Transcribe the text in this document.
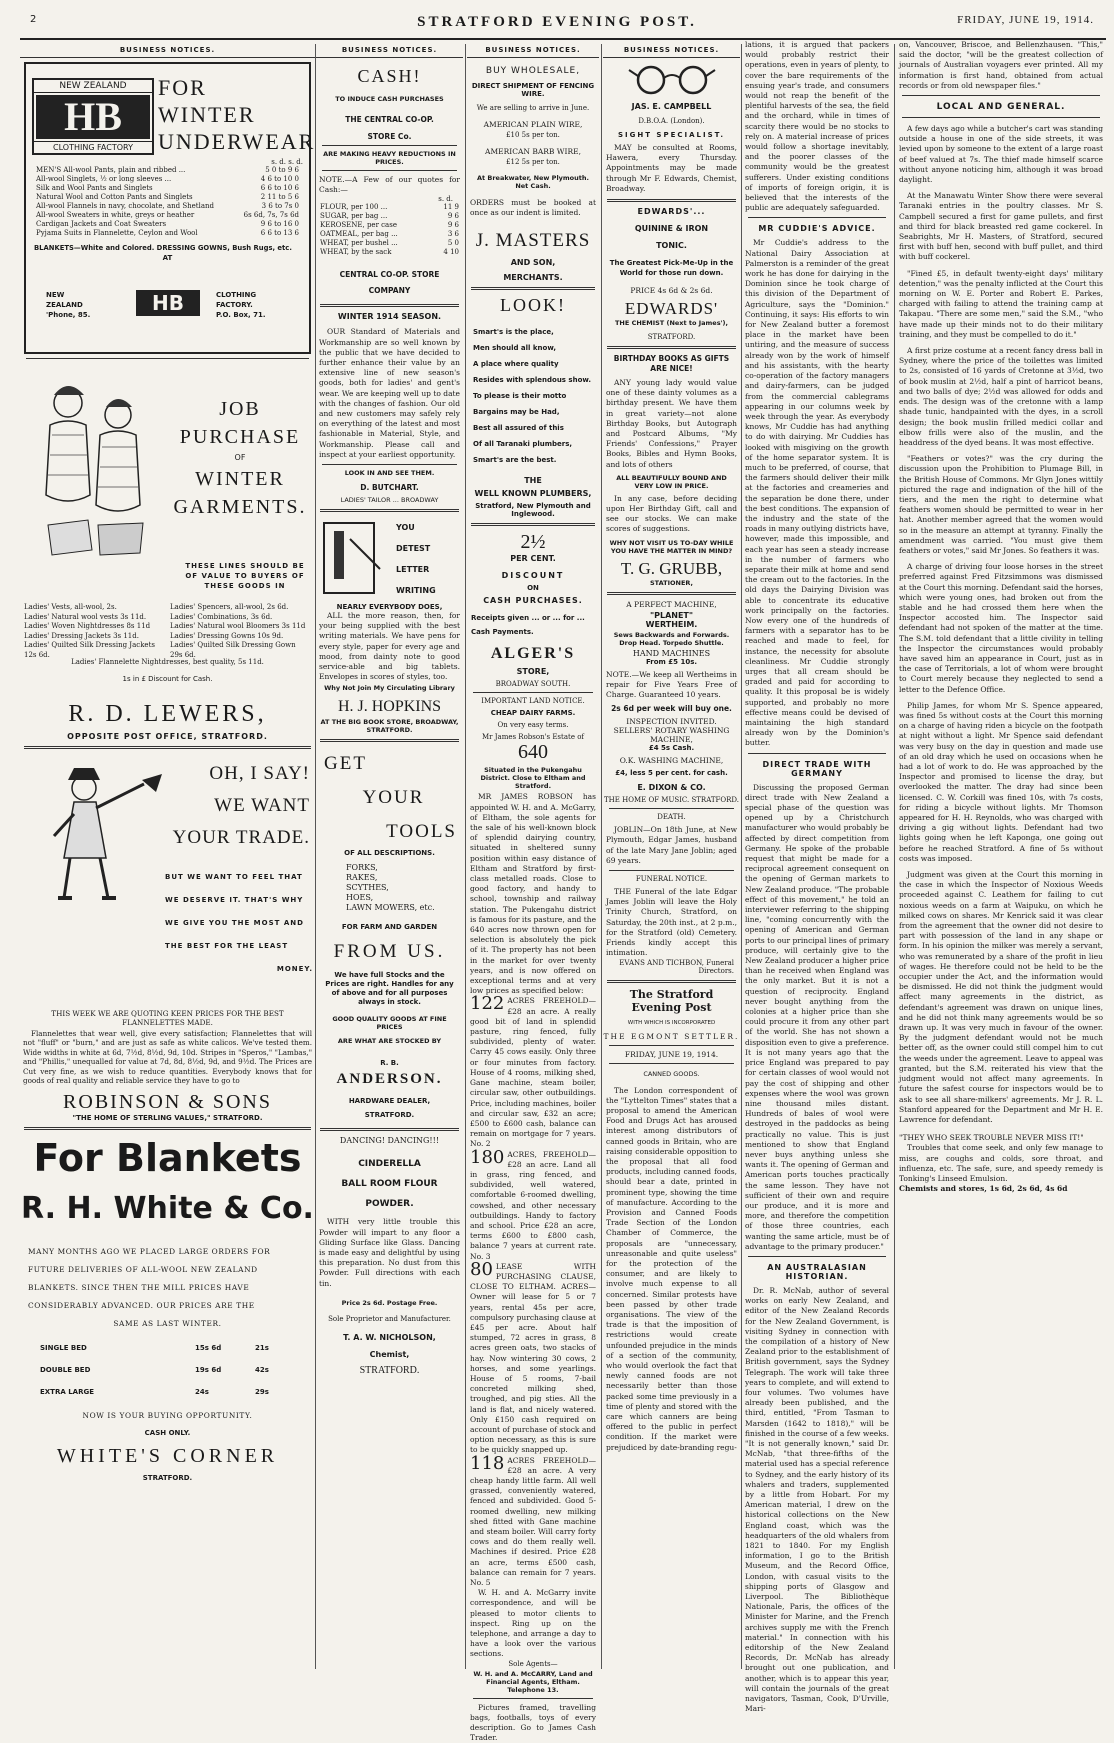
2	STRATFORD EVENING POST.	FRIDAY, JUNE 19, 1914.
BUSINESS NOTICES.
NEW ZEALAND
HB
CLOTHING FACTORY
FOR
WINTER
UNDERWEAR
s. d. s. d.
MEN'S All-wool Pants, plain and ribbed ...	5 0 to 9 6
All-wool Singlets, ½ or long sleeves ...	4 6 to 10 0
Silk and Wool Pants and Singlets	6 6 to 10 6
Natural Wool and Cotton Pants and Singlets	2 11 to 5 6
All-wool Flannels in navy, chocolate, and Shetland	3 6 to 7s 0
All-wool Sweaters in white, greys or heather	6s 6d, 7s, 7s 6d
Cardigan Jackets and Coat Sweaters	9 6 to 16 0
Pyjama Suits in Flannelette, Ceylon and Wool	6 6 to 13 6
BLANKETS—White and Colored. DRESSING GOWNS, Bush Rugs, etc.
AT
NEW
ZEALAND
'Phone, 85.	HB	CLOTHING
FACTORY.
P.O. Box, 71.
JOB
PURCHASE
OF
WINTER
GARMENTS.
THESE LINES SHOULD BE OF VALUE TO BUYERS OF THESE GOODS IN
Ladies' Vests, all-wool, 2s.
Ladies' Natural wool vests 3s 11d.
Ladies' Woven Nightdresses 8s 11d
Ladies' Dressing Jackets 3s 11d.
Ladies' Quilted Silk Dressing Jackets 12s 6d.
Ladies' Spencers, all-wool, 2s 6d.
Ladies' Combinations, 3s 6d.
Ladies' Natural wool Bloomers 3s 11d
Ladies' Dressing Gowns 10s 9d.
Ladies' Quilted Silk Dressing Gown 29s 6d.
Ladies' Flannelette Nightdresses, best quality, 5s 11d.
1s in £ Discount for Cash.
R. D. LEWERS,
OPPOSITE POST OFFICE, STRATFORD.
OH, I SAY!
WE WANT
YOUR TRADE.
BUT WE WANT TO FEEL THAT
WE DESERVE IT. THAT'S WHY
WE GIVE YOU THE MOST AND
THE BEST FOR THE LEAST
MONEY.
THIS WEEK WE ARE QUOTING KEEN PRICES FOR THE BEST FLANNELETTES MADE.
Flannelettes that wear well, give every satisfaction; Flannelettes that will not "fluff" or "burn," and are just as safe as white calicos. We've tested them. Wide widths in white at 6d, 7½d, 8½d, 9d, 10d. Stripes in "Speros," "Lambas," and "Phillis," unequalled for value at 7d, 8d, 8½d, 9d, and 9½d. The Prices are Cut very fine, as we wish to reduce quantities. Everybody knows that for goods of real quality and reliable service they have to go to
ROBINSON & SONS
"THE HOME OF STERLING VALUES," STRATFORD.
For Blankets
R. H. White & Co.
MANY MONTHS AGO WE PLACED LARGE ORDERS FOR
FUTURE DELIVERIES OF ALL-WOOL NEW ZEALAND
BLANKETS. SINCE THEN THE MILL PRICES HAVE
CONSIDERABLY ADVANCED. OUR PRICES ARE THE
SAME AS LAST WINTER.
SINGLE BED	15s 6d	21s
DOUBLE BED	19s 6d	42s
EXTRA LARGE	24s	29s
NOW IS YOUR BUYING OPPORTUNITY.
CASH ONLY.
WHITE'S CORNER
STRATFORD.
BUSINESS NOTICES.
CASH!
TO INDUCE CASH PURCHASES
THE CENTRAL CO-OP.
STORE Co.
ARE MAKING HEAVY REDUCTIONS IN PRICES.
NOTE.—A Few of our quotes for Cash:—
s. d.
FLOUR, per 100 ...	11 9
SUGAR, per bag ...	9 6
KEROSENE, per case	9 6
OATMEAL, per bag ...	3 6
WHEAT, per bushel ...	5 0
WHEAT, by the sack	4 10
CENTRAL CO-OP. STORE COMPANY
WINTER 1914 SEASON.
OUR Standard of Materials and Workmanship are so well known by the public that we have decided to further enhance their value by an extensive line of new season's goods, both for ladies' and gent's wear. We are keeping well up to date with the changes of fashion. Our old and new customers may safely rely on everything of the latest and most fashionable in Material, Style, and Workmanship. Please call and inspect at your earliest opportunity.
LOOK IN AND SEE THEM.
D. BUTCHART.
LADIES' TAILOR ... BROADWAY
YOU
DETEST
LETTER
WRITING
NEARLY EVERYBODY DOES,
ALL the more reason, then, for your being supplied with the best writing materials. We have pens for every style, paper for every age and mood, from dainty note to good service-able and big tablets. Envelopes in scores of styles, too.
Why Not Join My Circulating Library
H. J. HOPKINS
AT THE BIG BOOK STORE, BROADWAY, STRATFORD.
GET
YOUR
TOOLS
OF ALL DESCRIPTIONS.
FORKS,
RAKES,
SCYTHES,
HOES,
LAWN MOWERS, etc.
FOR FARM AND GARDEN
FROM US.
We have full Stocks and the Prices are right. Handles for any of above and for all purposes always in stock.
GOOD QUALITY GOODS AT FINE PRICES
ARE WHAT ARE STOCKED BY
R. B.
ANDERSON.
HARDWARE DEALER, STRATFORD.
DANCING! DANCING!!!
CINDERELLA
BALL ROOM FLOUR
POWDER.
WITH very little trouble this Powder will impart to any floor a Gliding Surface like Glass. Dancing is made easy and delightful by using this preparation. No dust from this Powder. Full directions with each tin.
Price 2s 6d. Postage Free.
Sole Proprietor and Manufacturer.
T. A. W. NICHOLSON,
Chemist,
STRATFORD.
BUSINESS NOTICES.
BUY WHOLESALE,
DIRECT SHIPMENT OF FENCING WIRE.
We are selling to arrive in June.
AMERICAN PLAIN WIRE,
£10 5s per ton.
AMERICAN BARB WIRE,
£12 5s per ton.
At Breakwater, New Plymouth. Net Cash.
ORDERS must be booked at once as our indent is limited.
J. MASTERS
AND SON,
MERCHANTS.
LOOK!
Smart's is the place,
Men should all know,
A place where quality
Resides with splendous show.
To please is their motto
Bargains may be Had,
Best all assured of this
Of all Taranaki plumbers,
Smart's are the best.
THE
WELL KNOWN PLUMBERS,
Stratford, New Plymouth and Inglewood.
2½
PER CENT.
DISCOUNT
ON
CASH PURCHASES.
Receipts given ... or ... for ... Cash Payments.
ALGER'S
STORE,
BROADWAY SOUTH.
IMPORTANT LAND NOTICE.
CHEAP DAIRY FARMS.
On very easy terms.
Mr James Robson's Estate of
640
Situated in the Pukengahu District. Close to Eltham and Stratford.
MR JAMES ROBSON has appointed W. H. and A. McGarry, of Eltham, the sole agents for the sale of his well-known block of splendid dairying country, situated in sheltered sunny position within easy distance of Eltham and Stratford by first-class metalled roads. Close to good factory, and handy to school, township and railway station. The Pukengahu district is famous for its pasture, and the 640 acres now thrown open for selection is absolutely the pick of it. The property has not been in the market for over twenty years, and is now offered on exceptional terms and at very low prices as specified below:
122 ACRES FREEHOLD—£28 an acre. A really good bit of land in splendid pasture, ring fenced, fully subdivided, plenty of water. Carry 45 cows easily. Only three or four minutes from factory. House of 4 rooms, milking shed, Gane machine, steam boiler, circular saw, other outbuildings. Price, including machines, boiler and circular saw, £32 an acre; £500 to £600 cash, balance can remain on mortgage for 7 years. No. 2
180 ACRES, FREEHOLD—£28 an acre. Land all in grass, ring fenced, and subdivided, well watered, comfortable 6-roomed dwelling, cowshed, and other necessary outbuildings. Handy to factory and school. Price £28 an acre, terms £600 to £800 cash, balance 7 years at current rate. No. 3
80 LEASE WITH PURCHASING CLAUSE, CLOSE TO ELTHAM. ACRES—Owner will lease for 5 or 7 years, rental 45s per acre, compulsory purchasing clause at £45 per acre. About half stumped, 72 acres in grass, 8 acres green oats, two stacks of hay. Now wintering 30 cows, 2 horses, and some yearlings. House of 5 rooms, 7-bail concreted milking shed, troughed, and pig sties. All the land is flat, and nicely watered. Only £150 cash required on account of purchase of stock and option necessary, as this is sure to be quickly snapped up.
118 ACRES FREEHOLD—£28 an acre. A very cheap handy little farm. All well grassed, conveniently watered, fenced and subdivided. Good 5-roomed dwelling, new milking shed fitted with Gane machine and steam boiler. Will carry forty cows and do them really well. Machines if desired. Price £28 an acre, terms £500 cash, balance can remain for 7 years. No. 5
W. H. and A. McGarry invite correspondence, and will be pleased to motor clients to inspect. Ring up on the telephone, and arrange a day to have a look over the various sections.
Sole Agents—
W. H. and A. McCARRY, Land and Financial Agents, Eltham. Telephone 13.
Pictures framed, travelling bags, footballs, toys of every description. Go to James Cash Trader.
BUSINESS NOTICES.
JAS. E. CAMPBELL
D.B.O.A. (London).
SIGHT SPECIALIST.
MAY be consulted at Rooms, Hawera, every Thursday. Appointments may be made through Mr F. Edwards, Chemist, Broadway.
EDWARDS'...
QUININE & IRON
TONIC.
The Greatest Pick-Me-Up in the World for those run down.
PRICE 4s 6d & 2s 6d.
EDWARDS'
THE CHEMIST (Next to James'),
STRATFORD.
BIRTHDAY BOOKS AS GIFTS ARE NICE!
ANY young lady would value one of these dainty volumes as a birthday present. We have them in great variety—not alone Birthday Books, but Autograph and Postcard Albums, "My Friends' Confessions," Prayer Books, Bibles and Hymn Books, and lots of others
ALL BEAUTIFULLY BOUND AND VERY LOW IN PRICE.
In any case, before deciding upon Her Birthday Gift, call and see our stocks. We can make scores of suggestions.
WHY NOT VISIT US TO-DAY WHILE YOU HAVE THE MATTER IN MIND?
T. G. GRUBB,
STATIONER,
A PERFECT MACHINE,
"PLANET"
WERTHEIM.
Sews Backwards and Forwards. Drop Head. Torpedo Shuttle.
HAND MACHINES
From £5 10s.
NOTE.—We keep all Wertheims in repair for Five Years Free of Charge. Guaranteed 10 years.
2s 6d per week will buy one.
INSPECTION INVITED.
SELLERS' ROTARY WASHING MACHINE,
£4 5s Cash.
O.K. WASHING MACHINE,
£4, less 5 per cent. for cash.
E. DIXON & CO.
THE HOME OF MUSIC. STRATFORD.
DEATH.
JOBLIN—On 18th June, at New Plymouth, Edgar James, husband of the late Mary Jane Joblin; aged 69 years.
FUNERAL NOTICE.
THE Funeral of the late Edgar James Joblin will leave the Holy Trinity Church, Stratford, on Saturday, the 20th inst., at 2 p.m., for the Stratford (old) Cemetery. Friends kindly accept this intimation.
EVANS AND TICHBON, Funeral Directors.
The Stratford Evening Post
WITH WHICH IS INCORPORATED
THE EGMONT SETTLER.
FRIDAY, JUNE 19, 1914.
CANNED GOODS.
The London correspondent of the "Lyttelton Times" states that a proposal to amend the American Food and Drugs Act has aroused interest among distributors of canned goods in Britain, who are raising considerable opposition to the proposal that all food products, including canned foods, should bear a date, printed in prominent type, showing the time of manufacture. According to the Provision and Canned Foods Trade Section of the London Chamber of Commerce, the proposals are "unnecessary, unreasonable and quite useless" for the protection of the consumer, and are likely to involve much expense to all concerned. Similar protests have been passed by other trade organisations. The view of the trade is that the imposition of restrictions would create unfounded prejudice in the minds of a section of the community, who would overlook the fact that newly canned foods are not necessarily better than those packed some time previously in a time of plenty and stored with the care which canners are being offered to the public in perfect condition. If the market were prejudiced by date-branding regu-
lations, it is argued that packers would probably restrict their operations, even in years of plenty, to cover the bare requirements of the ensuing year's trade, and consumers would not reap the benefit of the plentiful harvests of the sea, the field and the orchard, while in times of scarcity there would be no stocks to rely on. A material increase of prices would follow a shortage inevitably, and the poorer classes of the community would be the greatest sufferers. Under existing conditions of imports of foreign origin, it is believed that the interests of the public are adequately safeguarded.
MR CUDDIE'S ADVICE.
Mr Cuddie's address to the National Dairy Association at Palmerston is a reminder of the great work he has done for dairying in the Dominion since he took charge of this division of the Department of Agriculture, says the "Dominion." Continuing, it says: His efforts to win for New Zealand butter a foremost place in the market have been untiring, and the measure of success already won by the work of himself and his assistants, with the hearty co-operation of the factory managers and dairy-farmers, can be judged from the commercial cablegrams appearing in our columns week by week through the year. As everybody knows, Mr Cuddie has had anything to do with dairying. Mr Cuddies has looked with misgiving on the growth of the home separator system. It is much to be preferred, of course, that the farmers should deliver their milk at the factories and creameries and the separation be done there, under the best conditions. The expansion of the industry and the state of the roads in many outlying districts have, however, made this impossible, and each year has seen a steady increase in the number of farmers who separate their milk at home and send the cream out to the factories. In the old days the Dairying Division was able to concentrate its educative work principally on the factories. Now every one of the hundreds of farmers with a separator has to be reached and made to feel, for instance, the necessity for absolute cleanliness. Mr Cuddie strongly urges that all cream should be graded and paid for according to quality. It this proposal be is widely supported, and probably no more effective means could be devised of maintaining the high standard already won by the Dominion's butter.
DIRECT TRADE WITH GERMANY
Discussing the proposed German direct trade with New Zealand a special phase of the question was opened up by a Christchurch manufacturer who would probably be affected by direct competition from Germany. He spoke of the probable request that might be made for a reciprocal agreement consequent on the opening of German markets to New Zealand produce. "The probable effect of this movement," he told an interviewer referring to the shipping line, "coming concurrently with the opening of American and German ports to our principal lines of primary produce, will certainly give to the New Zealand producer a higher price than he received when England was the only market. But it is not a question of reciprocity. England never bought anything from the colonies at a higher price than she could procure it from any other part of the world. She has not shown a disposition even to give a preference. It is not many years ago that the price England was prepared to pay for certain classes of wool would not pay the cost of shipping and other expenses where the wool was grown nine thousand miles distant. Hundreds of bales of wool were destroyed in the paddocks as being practically no value. This is just mentioned to show that England never buys anything unless she wants it. The opening of German and American ports touches practically the same lesson. They have not sufficient of their own and require our produce, and it is more and more, and therefore the competition of those three countries, each wanting the same article, must be of advantage to the primary producer."
AN AUSTRALASIAN HISTORIAN.
Dr. R. McNab, author of several works on early New Zealand, and editor of the New Zealand Records for the New Zealand Government, is visiting Sydney in connection with the compilation of a history of New Zealand prior to the establishment of British government, says the Sydney Telegraph. The work will take three years to complete, and will extend to four volumes. Two volumes have already been published, and the third, entitled, "From Tasman to Marsden (1642 to 1818)," will be finished in the course of a few weeks. "It is not generally known," said Dr. McNab, "that three-fifths of the material used has a special reference to Sydney, and the early history of its whalers and traders, supplemented by a little from Hobart. For my American material, I drew on the historical collections on the New England coast, which was the headquarters of the old whalers from 1821 to 1840. For my English information, I go to the British Museum, and the Record Office, London, with casual visits to the shipping ports of Glasgow and Liverpool. The Bibliothèque Nationale, Paris, the offices of the Minister for Marine, and the French archives supply me with the French material." In connection with his editorship of the New Zealand Records, Dr. McNab has already brought out one publication, and another, which is to appear this year, will contain the journals of the great navigators, Tasman, Cook, D'Urville, Mari-
on, Vancouver, Briscoe, and Bellenzhausen. "This," said the doctor, "will be the greatest collection of journals of Australian voyagers ever printed. All my information is first hand, obtained from actual records or from old newspaper files."
LOCAL AND GENERAL.
A few days ago while a butcher's cart was standing outside a house in one of the side streets, it was levied upon by someone to the extent of a large roast of beef valued at 7s. The thief made himself scarce without anyone noticing him, although it was broad daylight.
At the Manawatu Winter Show there were several Taranaki entries in the poultry classes. Mr S. Campbell secured a first for game pullets, and first and third for black breasted red game cockerel. In Seabrights, Mr H. Masters, of Stratford, secured first with buff hen, second with buff pullet, and third with buff cockerel.
"Fined £5, in default twenty-eight days' military detention," was the penalty inflicted at the Court this morning on W. E. Porter and Robert E. Parkes, charged with failing to attend the training camp at Takapau. "There are some men," said the S.M., "who have made up their minds not to do their military training, and they must be compelled to do it."
A first prize costume at a recent fancy dress ball in Sydney, where the price of the toilettes was limited to 2s, consisted of 16 yards of Cretonne at 3½d, two of book muslin at 2½d, half a pint of harricot beans, and two balls of dye; 2½d was allowed for odds and ends. The design was of the cretonne with a lamp shade tunic, handpainted with the dyes, in a scroll design; the book muslin frilled medici collar and elbow frills were also of the muslin, and the headdress of the dyed beans. It was most effective.
"Feathers or votes?" was the cry during the discussion upon the Prohibition to Plumage Bill, in the British House of Commons. Mr Glyn Jones wittily pictured the rage and indignation of the hill of the tiers, and the men the right to determine what feathers women should be permitted to wear in her hat. Another member agreed that the women would so in the measure an attempt at tyranny. Finally the amendment was carried. "You must give them feathers or votes," said Mr Jones. So feathers it was.
A charge of driving four loose horses in the street preferred against Fred Fitzsimmons was dismissed at the Court this morning. Defendant said the horses, which were young ones, had broken out from the stable and he had crossed them here when the Inspector accosted him. The Inspector said defendant had not spoken of the matter at the time. The S.M. told defendant that a little civility in telling the Inspector the circumstances would probably have saved him an appearance in Court, just as in the case of Territorials, a lot of whom were brought to Court merely because they neglected to send a letter to the Defence Office.
Philip James, for whom Mr S. Spence appeared, was fined 5s without costs at the Court this morning on a charge of having riden a bicycle on the footpath at night without a light. Mr Spence said defendant was very busy on the day in question and made use of an old dray which he used on occasions when he had a lot of work to do. He was approached by the Inspector and promised to license the dray, but overlooked the matter. The dray had since been licensed. C. W. Corkill was fined 10s, with 7s costs, for riding a bicycle without lights. Mr Thomson appeared for H. H. Reynolds, who was charged with driving a gig without lights. Defendant had two lights going when he left Kaponga, one going out before he reached Stratford. A fine of 5s without costs was imposed.
Judgment was given at the Court this morning in the case in which the Inspector of Noxious Weeds proceeded against C. Leathem for failing to cut noxious weeds on a farm at Waipuku, on which he milked cows on shares. Mr Kenrick said it was clear from the agreement that the owner did not desire to part with possession of the land in any shape or form. In his opinion the milker was merely a servant, who was remunerated by a share of the profit in lieu of wages. He therefore could not be held to be the occupier under the Act, and the information would be dismissed. He did not think the judgment would affect many agreements in the district, as defendant's agreement was drawn on unique lines, and he did not think many agreements would be so drawn up. It was very much in favour of the owner. By the judgment defendant would not be much better off, as the owner could still compel him to cut the weeds under the agreement. Leave to appeal was granted, but the S.M. reiterated his view that the judgment would not affect many agreements. In future the safest course for inspectors would be to ask to see all share-milkers' agreements. Mr J. R. L. Stanford appeared for the Department and Mr H. E. Lawrence for defendant.
"THEY WHO SEEK TROUBLE NEVER MISS IT!"
Troubles that come seek, and only few manage to miss, are coughs and colds, sore throat, and influenza, etc. The safe, sure, and speedy remedy is Tonking's Linseed Emulsion.
Chemists and stores, 1s 6d, 2s 6d, 4s 6d
